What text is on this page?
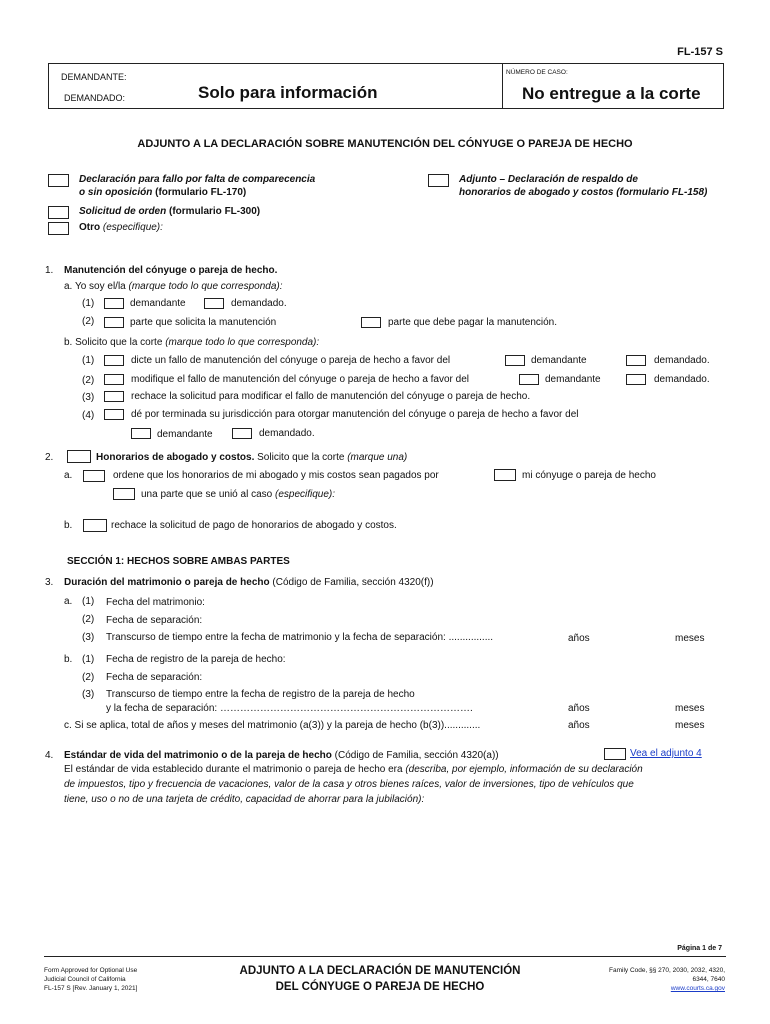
FL-157 S
DEMANDANTE:
DEMANDADO:	Solo para información
NÚMERO DE CASO:
No entregue a la corte
ADJUNTO A LA DECLARACIÓN SOBRE MANUTENCIÓN DEL CÓNYUGE O PAREJA DE HECHO
Declaración para fallo por falta de comparecencia
o sin oposición (formulario FL-170)
Adjunto – Declaración de respaldo de
honorarios de abogado y costos (formulario FL-158)
Solicitud de orden (formulario FL-300)
Otro (especifique):
1. Manutención del cónyuge o pareja de hecho.
a. Yo soy el/la (marque todo lo que corresponda):
(1)	demandante	demandado.
(2)	parte que solicita la manutención	parte que debe pagar la manutención.
b. Solicito que la corte (marque todo lo que corresponda):
(1)	dicte un fallo de manutención del cónyuge o pareja de hecho a favor del	demandante	demandado.
(2)	modifique el fallo de manutención del cónyuge o pareja de hecho a favor del	demandante	demandado.
(3)	rechace la solicitud para modificar el fallo de manutención del cónyuge o pareja de hecho.
(4)	dé por terminada su jurisdicción para otorgar manutención del cónyuge o pareja de hecho a favor del
demandante	demandado.
2.	Honorarios de abogado y costos. Solicito que la corte (marque una)
a.	ordene que los honorarios de mi abogado y mis costos sean pagados por	mi cónyuge o pareja de hecho
una parte que se unió al caso (especifique):
b.	rechace la solicitud de pago de honorarios de abogado y costos.
SECCIÓN 1: HECHOS SOBRE AMBAS PARTES
3. Duración del matrimonio o pareja de hecho (Código de Familia, sección 4320(f))
a. (1) Fecha del matrimonio:
(2) Fecha de separación:
(3) Transcurso de tiempo entre la fecha de matrimonio y la fecha de separación: ................	años	meses
b. (1) Fecha de registro de la pareja de hecho:
(2) Fecha de separación:
(3) Transcurso de tiempo entre la fecha de registro de la pareja de hecho
y la fecha de separación: ………………………………………………………………….	años	meses
c. Si se aplica, total de años y meses del matrimonio (a(3)) y la pareja de hecho (b(3)).............	años	meses
4. Estándar de vida del matrimonio o de la pareja de hecho (Código de Familia, sección 4320(a))	Vea el adjunto 4
El estándar de vida establecido durante el matrimonio o pareja de hecho era (describa, por ejemplo, información de su declaración
de impuestos, tipo y frecuencia de vacaciones, valor de la casa y otros bienes raíces, valor de inversiones, tipo de vehículos que
tiene, uso o no de una tarjeta de crédito, capacidad de ahorrar para la jubilación):
Página 1 de 7
Form Approved for Optional Use
Judicial Council of California
FL-157 S [Rev. January 1, 2021]
ADJUNTO A LA DECLARACIÓN DE MANUTENCIÓN
DEL CÓNYUGE O PAREJA DE HECHO
Family Code, §§ 270, 2030, 2032, 4320,
6344, 7640
www.courts.ca.gov
